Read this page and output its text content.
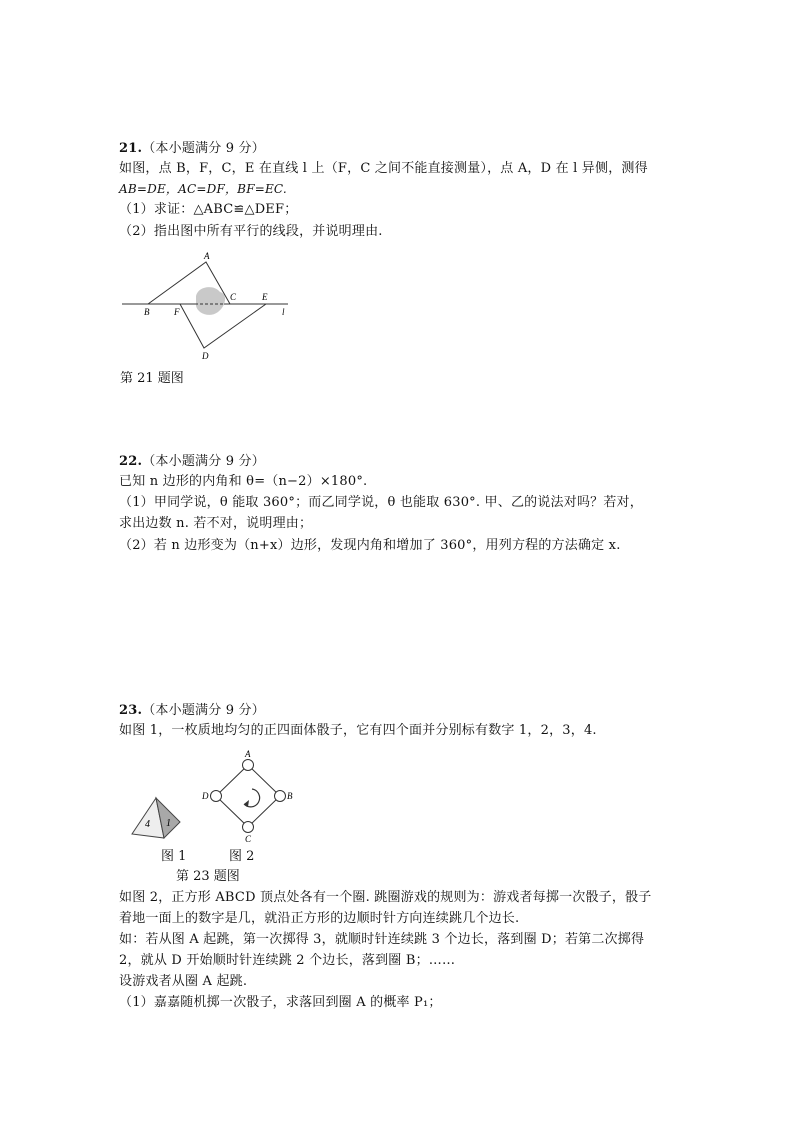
21.（本小题满分 9 分）
如图，点 B，F，C，E 在直线 l 上（F，C 之间不能直接测量），点 A，D 在 l 异侧，测得
AB=DE，AC=DF，BF=EC.
（1）求证：△ABC≌△DEF；
（2）指出图中所有平行的线段，并说明理由.
A
B	F
C	E
D
l
第 21 题图
22.（本小题满分 9 分）
已知 n 边形的内角和 θ=（n−2）×180°.
（1）甲同学说，θ 能取 360°；而乙同学说，θ 也能取 630°. 甲、乙的说法对吗？若对，
求出边数 n. 若不对，说明理由；
（2）若 n 边形变为（n+x）边形，发现内角和增加了 360°，用列方程的方法确定 x.
23.（本小题满分 9 分）
如图 1，一枚质地均匀的正四面体骰子，它有四个面并分别标有数字 1，2，3，4.
4 1
A
B
C
D
图 1	图 2
第 23 题图
如图 2，正方形 ABCD 顶点处各有一个圈. 跳圈游戏的规则为：游戏者每掷一次骰子，骰子
着地一面上的数字是几，就沿正方形的边顺时针方向连续跳几个边长.
如：若从图 A 起跳，第一次掷得 3，就顺时针连续跳 3 个边长，落到圈 D；若第二次掷得
2，就从 D 开始顺时针连续跳 2 个边长，落到圈 B；……
设游戏者从圈 A 起跳.
（1）嘉嘉随机掷一次骰子，求落回到圈 A 的概率 P₁；
